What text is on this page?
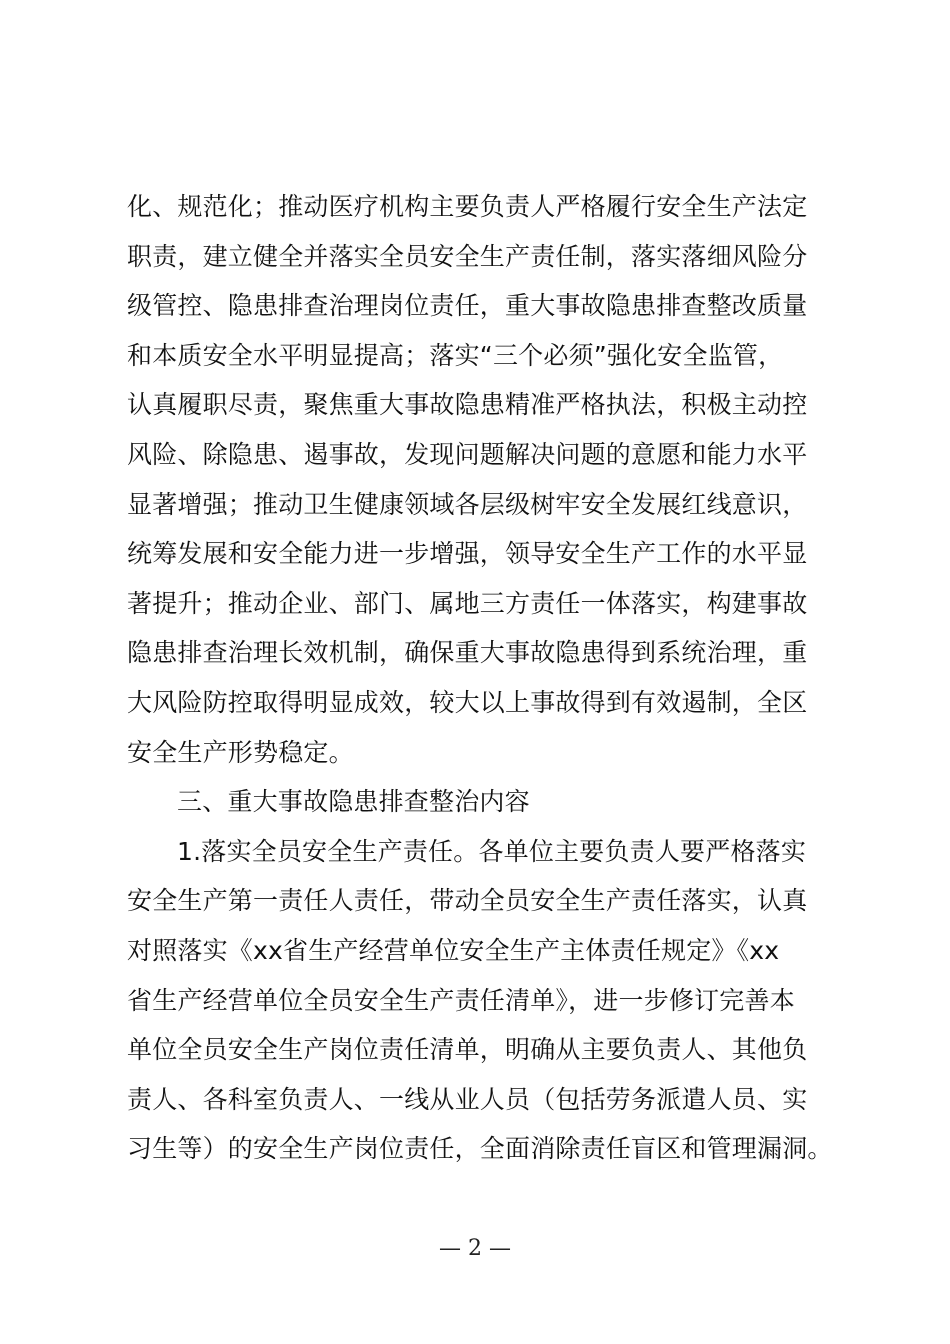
化、规范化；推动医疗机构主要负责人严格履行安全生产法定
职责，建立健全并落实全员安全生产责任制，落实落细风险分
级管控、隐患排查治理岗位责任，重大事故隐患排查整改质量
和本质安全水平明显提高；落实“三个必须”强化安全监管，
认真履职尽责，聚焦重大事故隐患精准严格执法，积极主动控
风险、除隐患、遏事故，发现问题解决问题的意愿和能力水平
显著增强；推动卫生健康领域各层级树牢安全发展红线意识，
统筹发展和安全能力进一步增强，领导安全生产工作的水平显
著提升；推动企业、部门、属地三方责任一体落实，构建事故
隐患排查治理长效机制，确保重大事故隐患得到系统治理，重
大风险防控取得明显成效，较大以上事故得到有效遏制，全区
安全生产形势稳定。
三、重大事故隐患排查整治内容
1.落实全员安全生产责任。各单位主要负责人要严格落实
安全生产第一责任人责任，带动全员安全生产责任落实，认真
对照落实《xx省生产经营单位安全生产主体责任规定》《xx
省生产经营单位全员安全生产责任清单》，进一步修订完善本
单位全员安全生产岗位责任清单，明确从主要负责人、其他负
责人、各科室负责人、一线从业人员（包括劳务派遣人员、实
习生等）的安全生产岗位责任，全面消除责任盲区和管理漏洞。
— 2 —
